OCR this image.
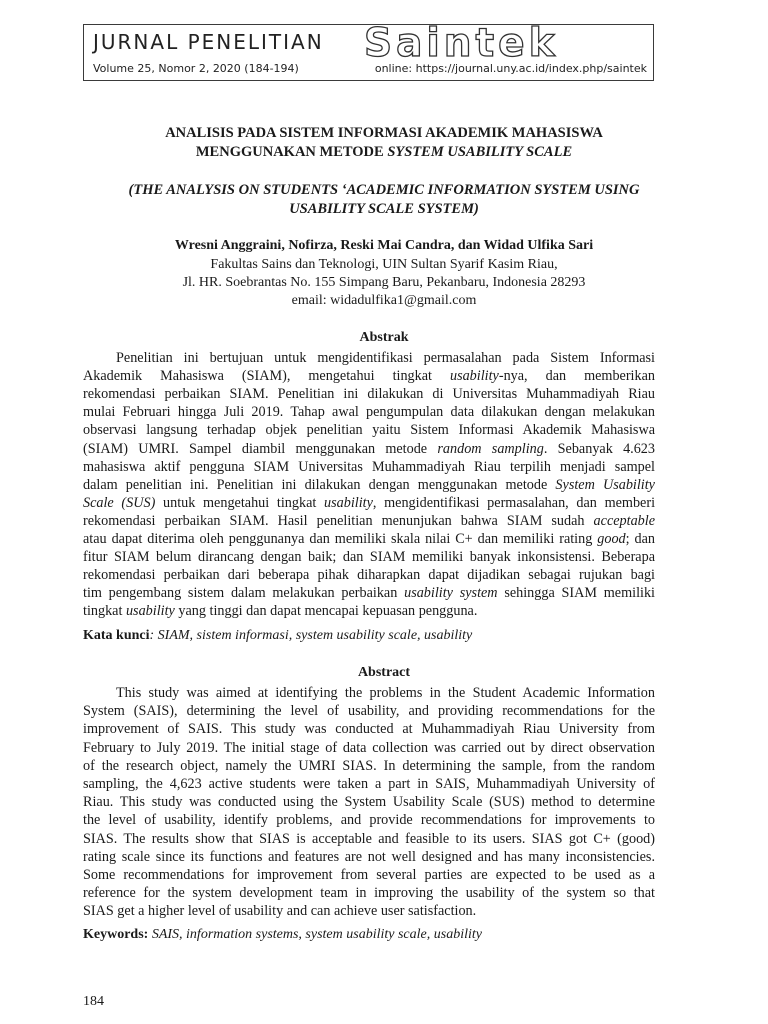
JURNAL PENELITIAN Saintek
Volume 25, Nomor 2, 2020 (184-194)	online: https://journal.uny.ac.id/index.php/saintek
ANALISIS PADA SISTEM INFORMASI AKADEMIK MAHASISWA
MENGGUNAKAN METODE SYSTEM USABILITY SCALE
(THE ANALYSIS ON STUDENTS ‘ACADEMIC INFORMATION SYSTEM USING
USABILITY SCALE SYSTEM)
Wresni Anggraini, Nofirza, Reski Mai Candra, dan Widad Ulfika Sari
Fakultas Sains dan Teknologi, UIN Sultan Syarif Kasim Riau,
Jl. HR. Soebrantas No. 155 Simpang Baru, Pekanbaru, Indonesia 28293
email: widadulfika1@gmail.com
Abstrak
Penelitian ini bertujuan untuk mengidentifikasi permasalahan pada Sistem Informasi
Akademik Mahasiswa (SIAM), mengetahui tingkat usability-nya, dan memberikan
rekomendasi perbaikan SIAM. Penelitian ini dilakukan di Universitas Muhammadiyah Riau
mulai Februari hingga Juli 2019. Tahap awal pengumpulan data dilakukan dengan melakukan
observasi langsung terhadap objek penelitian yaitu Sistem Informasi Akademik Mahasiswa
(SIAM) UMRI. Sampel diambil menggunakan metode random sampling. Sebanyak 4.623
mahasiswa aktif pengguna SIAM Universitas Muhammadiyah Riau terpilih menjadi sampel
dalam penelitian ini. Penelitian ini dilakukan dengan menggunakan metode System Usability
Scale (SUS) untuk mengetahui tingkat usability, mengidentifikasi permasalahan, dan memberi
rekomendasi perbaikan SIAM. Hasil penelitian menunjukan bahwa SIAM sudah acceptable
atau dapat diterima oleh penggunanya dan memiliki skala nilai C+ dan memiliki rating good; dan
fitur SIAM belum dirancang dengan baik; dan SIAM memiliki banyak inkonsistensi. Beberapa
rekomendasi perbaikan dari beberapa pihak diharapkan dapat dijadikan sebagai rujukan bagi
tim pengembang sistem dalam melakukan perbaikan usability system sehingga SIAM memiliki
tingkat usability yang tinggi dan dapat mencapai kepuasan pengguna.
Kata kunci: SIAM, sistem informasi, system usability scale, usability
Abstract
This study was aimed at identifying the problems in the Student Academic Information
System (SAIS), determining the level of usability, and providing recommendations for the
improvement of SAIS. This study was conducted at Muhammadiyah Riau University from
February to July 2019. The initial stage of data collection was carried out by direct observation
of the research object, namely the UMRI SIAS. In determining the sample, from the random
sampling, the 4,623 active students were taken a part in SAIS, Muhammadiyah University of
Riau. This study was conducted using the System Usability Scale (SUS) method to determine
the level of usability, identify problems, and provide recommendations for improvements to
SIAS. The results show that SIAS is acceptable and feasible to its users. SIAS got C+ (good)
rating scale since its functions and features are not well designed and has many inconsistencies.
Some recommendations for improvement from several parties are expected to be used as a
reference for the system development team in improving the usability of the system so that
SIAS get a higher level of usability and can achieve user satisfaction.
Keywords: SAIS, information systems, system usability scale, usability
184
